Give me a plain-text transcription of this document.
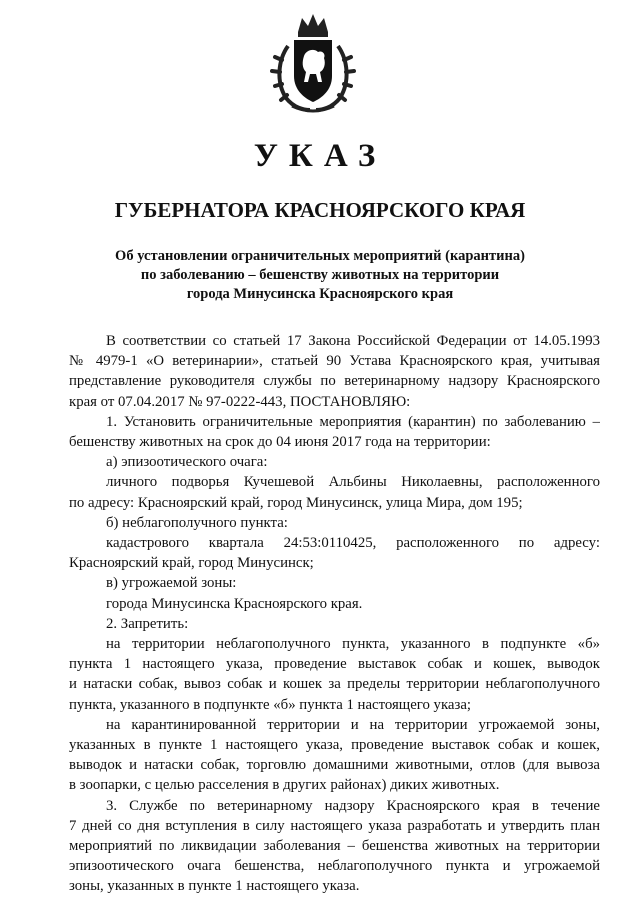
УКАЗ
ГУБЕРНАТОРА КРАСНОЯРСКОГО КРАЯ
Об установлении ограничительных мероприятий (карантина)
по заболеванию – бешенству животных на территории
города Минусинска Красноярского края
В соответствии со статьей 17 Закона Российской Федерации от 14.05.1993
№ 4979-1 «О ветеринарии», статьей 90 Устава Красноярского края, учитывая
представление руководителя службы по ветеринарному надзору Красноярского
края от 07.04.2017 № 97-0222-443, ПОСТАНОВЛЯЮ:
1. Установить ограничительные мероприятия (карантин) по заболеванию –
бешенству животных на срок до 04 июня 2017 года на территории:
а) эпизоотического очага:
личного подворья Кучешевой Альбины Николаевны, расположенного
по адресу: Красноярский край, город Минусинск, улица Мира, дом 195;
б) неблагополучного пункта:
кадастрового квартала 24:53:0110425, расположенного по адресу:
Красноярский край, город Минусинск;
в) угрожаемой зоны:
города Минусинска Красноярского края.
2. Запретить:
на территории неблагополучного пункта, указанного в подпункте «б»
пункта 1 настоящего указа, проведение выставок собак и кошек, выводок
и натаски собак, вывоз собак и кошек за пределы территории неблагополучного
пункта, указанного в подпункте «б» пункта 1 настоящего указа;
на карантинированной территории и на территории угрожаемой зоны,
указанных в пункте 1 настоящего указа, проведение выставок собак и кошек,
выводок и натаски собак, торговлю домашними животными, отлов (для вывоза
в зоопарки, с целью расселения в других районах) диких животных.
3. Службе по ветеринарному надзору Красноярского края в течение
7 дней со дня вступления в силу настоящего указа разработать и утвердить план
мероприятий по ликвидации заболевания – бешенства животных на территории
эпизоотического очага бешенства, неблагополучного пункта и угрожаемой
зоны, указанных в пункте 1 настоящего указа.
